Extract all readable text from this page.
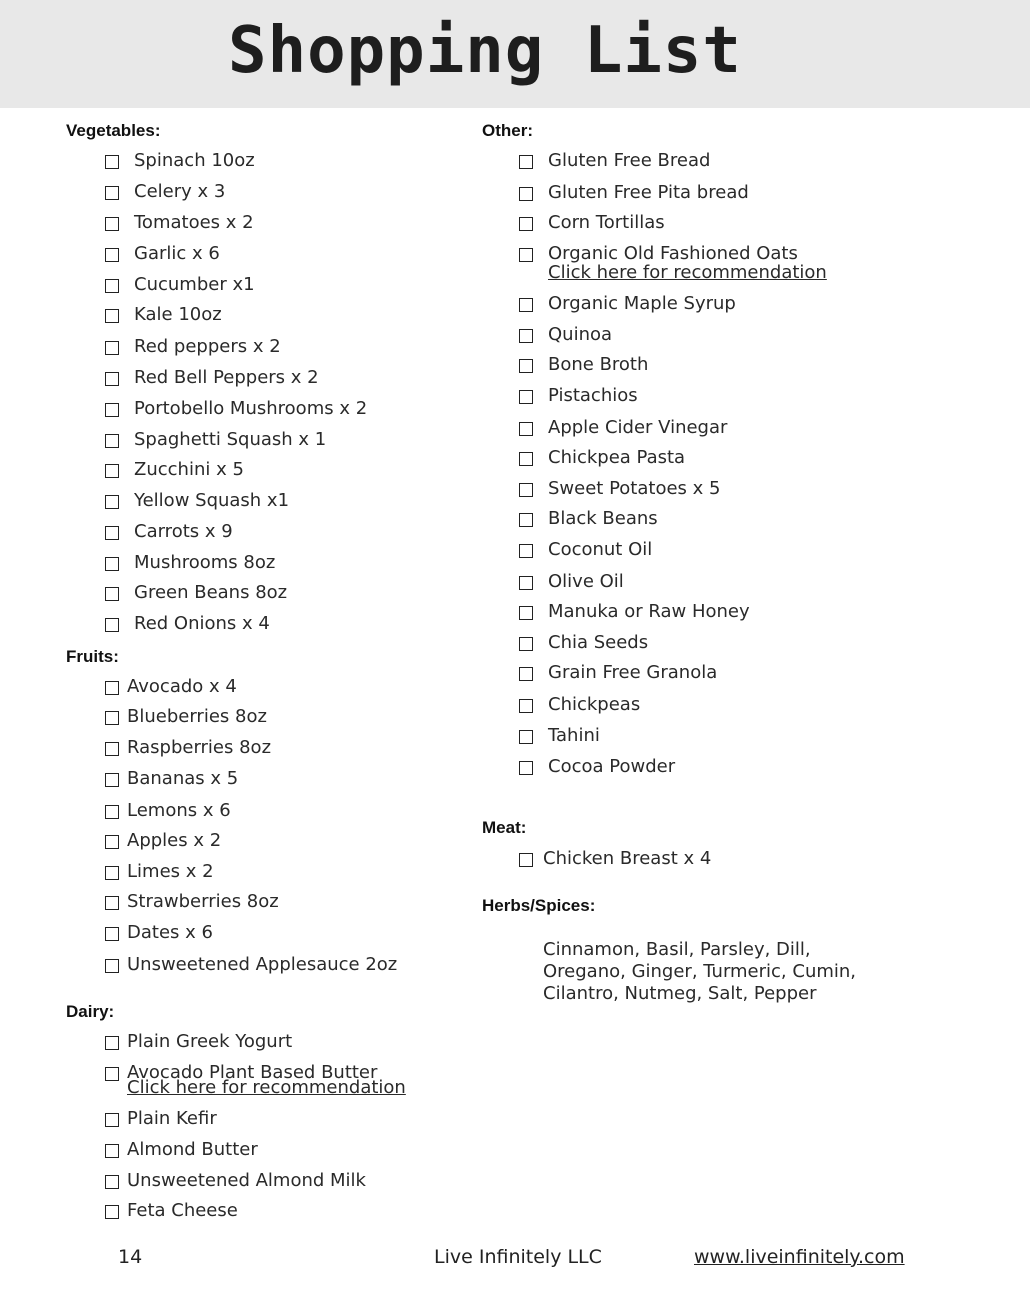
Shopping List
Vegetables:
Spinach 10oz
Celery x 3
Tomatoes x 2
Garlic x 6
Cucumber x1
Kale 10oz
Red peppers x 2
Red Bell Peppers x 2
Portobello Mushrooms x 2
Spaghetti Squash x 1
Zucchini x 5
Yellow Squash x1
Carrots x 9
Mushrooms 8oz
Green Beans 8oz
Red Onions x 4
Fruits:
Avocado x 4
Blueberries 8oz
Raspberries 8oz
Bananas x 5
Lemons x 6
Apples x 2
Limes x 2
Strawberries 8oz
Dates x 6
Unsweetened Applesauce 2oz
Dairy:
Plain Greek Yogurt
Avocado Plant Based Butter
Plain Kefir
Almond Butter
Unsweetened Almond Milk
Feta Cheese
Click here for recommendation
Other:
Gluten Free Bread
Gluten Free Pita bread
Corn Tortillas
Organic Old Fashioned Oats
Organic Maple Syrup
Quinoa
Bone Broth
Pistachios
Apple Cider Vinegar
Chickpea Pasta
Sweet Potatoes x 5
Black Beans
Coconut Oil
Olive Oil
Manuka or Raw Honey
Chia Seeds
Grain Free Granola
Chickpeas
Tahini
Cocoa Powder
Click here for recommendation
Meat:
Chicken Breast x 4
Herbs/Spices:
Cinnamon, Basil, Parsley, Dill, Oregano, Ginger, Turmeric, Cumin, Cilantro, Nutmeg, Salt, Pepper
14	Live Infinitely LLC	www.liveinfinitely.com
